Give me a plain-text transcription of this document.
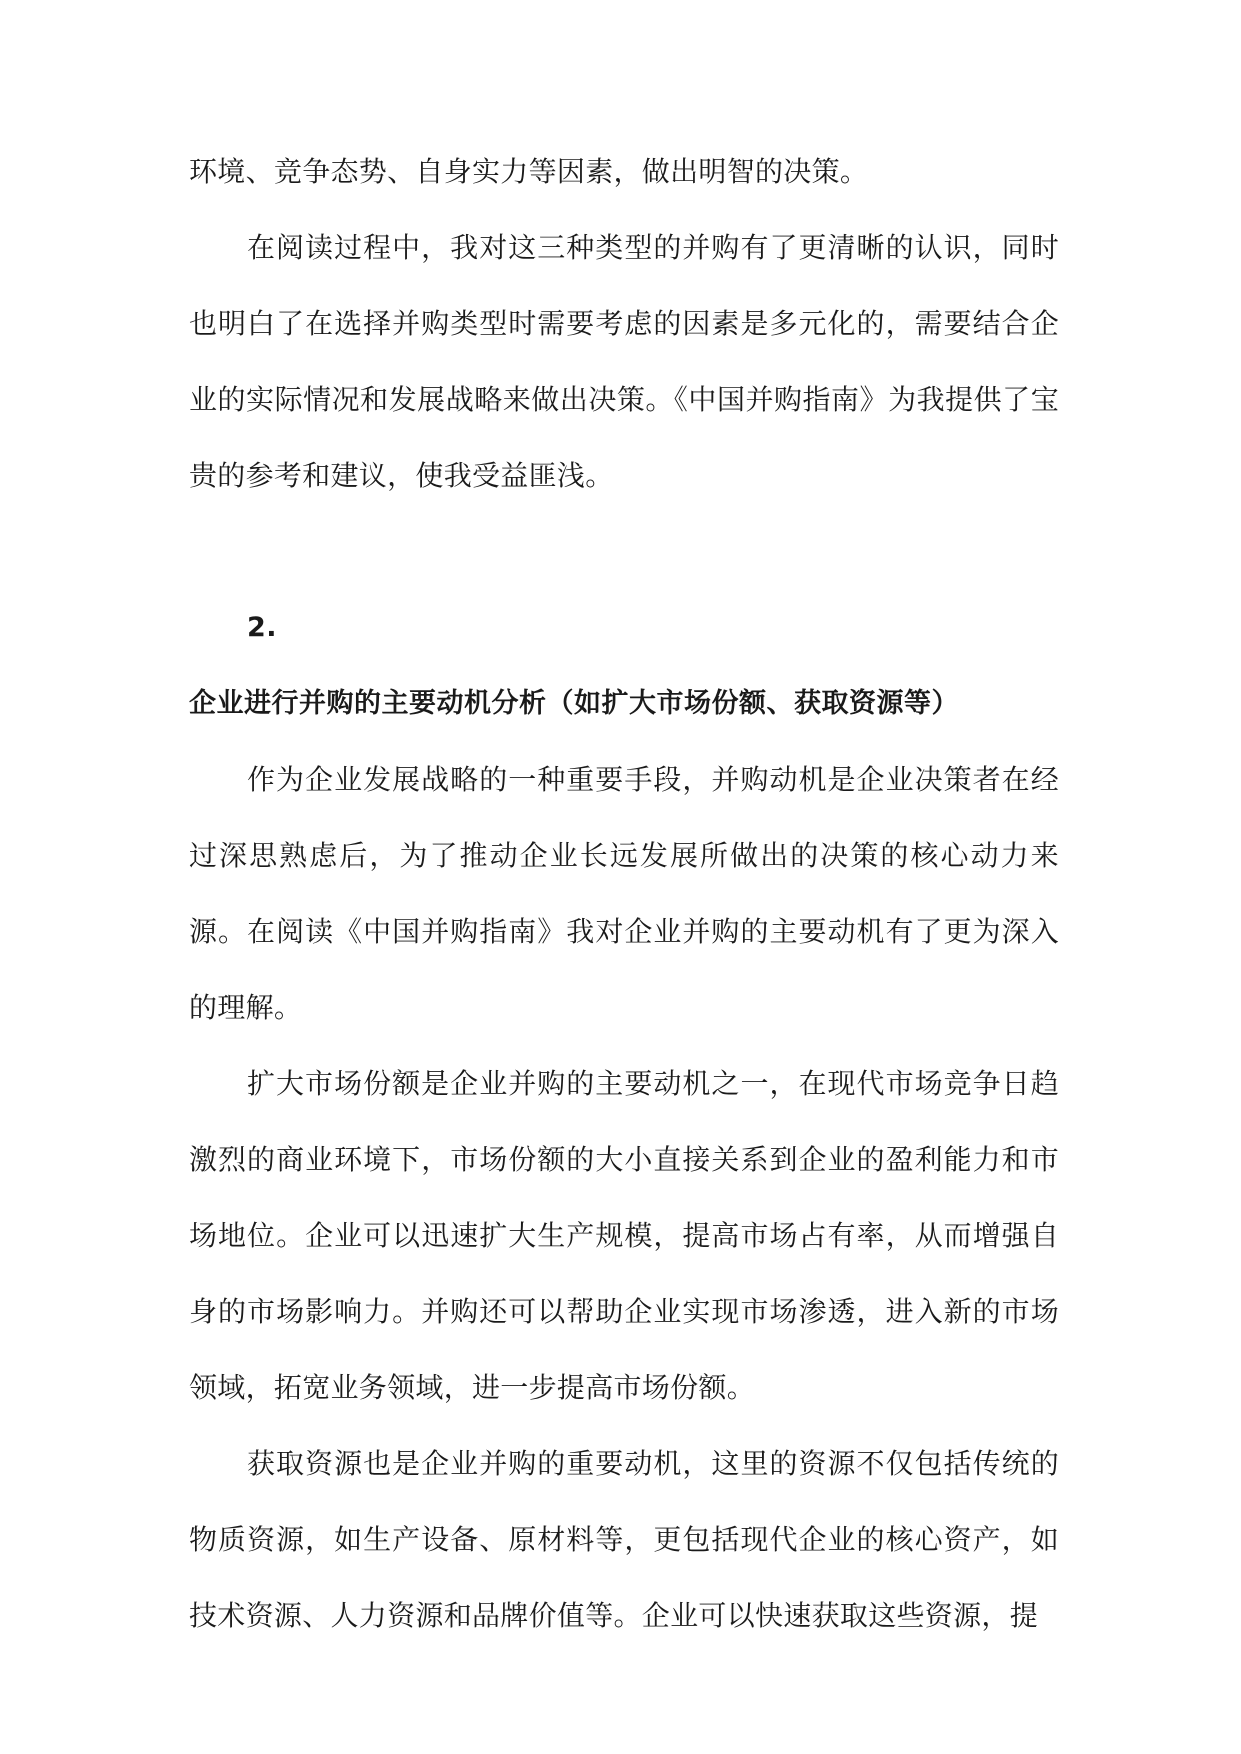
环境、竞争态势、自身实力等因素，做出明智的决策。

在阅读过程中，我对这三种类型的并购有了更清晰的认识，同时也明白了在选择并购类型时需要考虑的因素是多元化的，需要结合企业的实际情况和发展战略来做出决策。《中国并购指南》为我提供了宝贵的参考和建议，使我受益匪浅。

2.企业进行并购的主要动机分析（如扩大市场份额、获取资源等）

作为企业发展战略的一种重要手段，并购动机是企业决策者在经过深思熟虑后，为了推动企业长远发展所做出的决策的核心动力来源。在阅读《中国并购指南》我对企业并购的主要动机有了更为深入的理解。

扩大市场份额是企业并购的主要动机之一，在现代市场竞争日趋激烈的商业环境下，市场份额的大小直接关系到企业的盈利能力和市场地位。企业可以迅速扩大生产规模，提高市场占有率，从而增强自身的市场影响力。并购还可以帮助企业实现市场渗透，进入新的市场领域，拓宽业务领域，进一步提高市场份额。

获取资源也是企业并购的重要动机，这里的资源不仅包括传统的物质资源，如生产设备、原材料等，更包括现代企业的核心资产，如技术资源、人力资源和品牌价值等。企业可以快速获取这些资源，提
